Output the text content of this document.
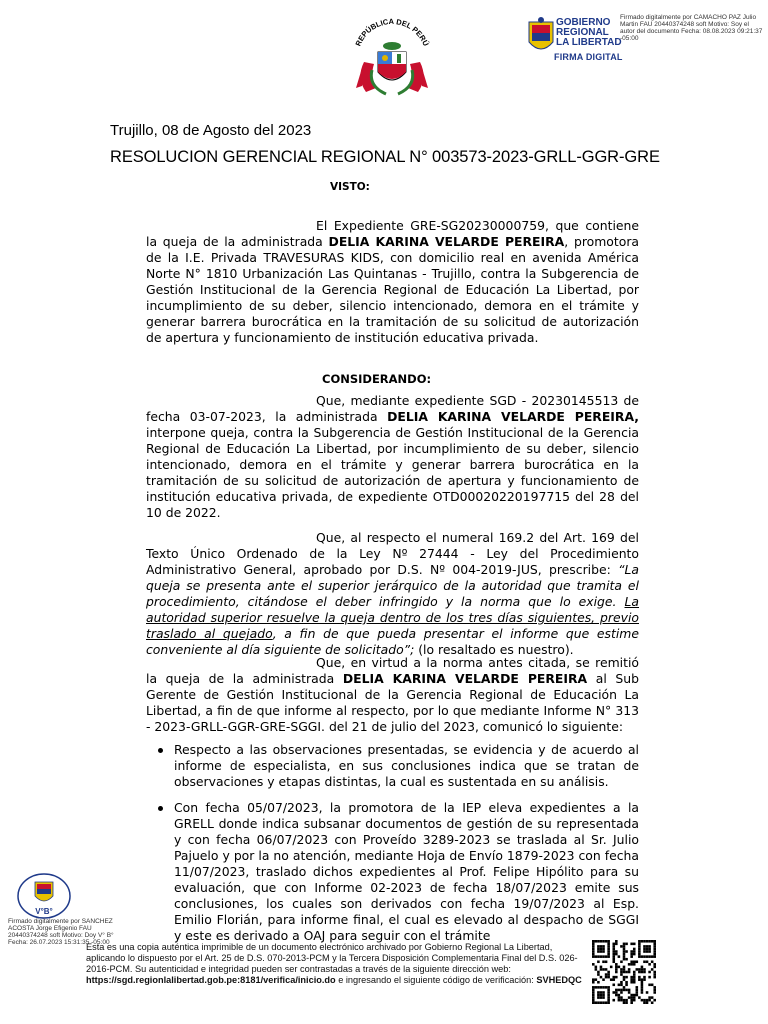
REPÚBLICA DEL PERÚ
GOBIERNO
REGIONAL
LA LIBERTAD
FIRMA DIGITAL
Firmado digitalmente por CAMACHO PAZ Julio Martin FAU 20440374248 soft Motivo: Soy el autor del documento Fecha: 08.08.2023 09:21:37 -05:00
Trujillo, 08 de Agosto del 2023
RESOLUCION GERENCIAL REGIONAL N° 003573-2023-GRLL-GGR-GRE
VISTO:
El Expediente GRE-SG20230000759, que contiene la queja de la administrada DELIA KARINA VELARDE PEREIRA, promotora de la I.E. Privada TRAVESURAS KIDS, con domicilio real en avenida América Norte N° 1810 Urbanización Las Quintanas - Trujillo, contra la Subgerencia de Gestión Institucional de la Gerencia Regional de Educación La Libertad, por incumplimiento de su deber, silencio intencionado, demora en el trámite y generar barrera burocrática en la tramitación de su solicitud de autorización de apertura y funcionamiento de institución educativa privada.
CONSIDERANDO:
Que, mediante expediente SGD - 20230145513 de fecha 03-07-2023, la administrada DELIA KARINA VELARDE PEREIRA, interpone queja, contra la Subgerencia de Gestión Institucional de la Gerencia Regional de Educación La Libertad, por incumplimiento de su deber, silencio intencionado, demora en el trámite y generar barrera burocrática en la tramitación de su solicitud de autorización de apertura y funcionamiento de institución educativa privada, de expediente OTD00020220197715 del 28 del 10 de 2022.
Que, al respecto el numeral 169.2 del Art. 169 del Texto Único Ordenado de la Ley Nº 27444 - Ley del Procedimiento Administrativo General, aprobado por D.S. Nº 004-2019-JUS, prescribe: “La queja se presenta ante el superior jerárquico de la autoridad que tramita el procedimiento, citándose el deber infringido y la norma que lo exige. La autoridad superior resuelve la queja dentro de los tres días siguientes, previo traslado al quejado, a fin de que pueda presentar el informe que estime conveniente al día siguiente de solicitado”; (lo resaltado es nuestro).
Que, en virtud a la norma antes citada, se remitió la queja de la administrada DELIA KARINA VELARDE PEREIRA al Sub Gerente de Gestión Institucional de la Gerencia Regional de Educación La Libertad, a fin de que informe al respecto, por lo que mediante Informe N° 313 - 2023-GRLL-GGR-GRE-SGGI. del 21 de julio del 2023, comunicó lo siguiente:
Respecto a las observaciones presentadas, se evidencia y de acuerdo al informe de especialista, en sus conclusiones indica que se tratan de observaciones y etapas distintas, la cual es sustentada en su análisis.
Con fecha 05/07/2023, la promotora de la IEP eleva expedientes a la GRELL donde indica subsanar documentos de gestión de su representada y con fecha 06/07/2023 con Proveído 3289-2023 se traslada al Sr. Julio Pajuelo y por la no atención, mediante Hoja de Envío 1879-2023 con fecha 11/07/2023, traslado dichos expedientes al Prof. Felipe Hipólito para su evaluación, que con Informe 02-2023 de fecha 18/07/2023 emite sus conclusiones, los cuales son derivados con fecha 19/07/2023 al Esp. Emilio Florián, para informe final, el cual es elevado al despacho de SGGI y este es derivado a OAJ para seguir con el trámite
V°B°
Firmado digitalmente por SANCHEZ ACOSTA Jorge Efigenio FAU 20440374248 soft Motivo: Doy V° B° Fecha: 26.07.2023 15:31:35 -05:00
Esta es una copia auténtica imprimible de un documento electrónico archivado por Gobierno Regional La Libertad, aplicando lo dispuesto por el Art. 25 de D.S. 070-2013-PCM y la Tercera Disposición Complementaria Final del D.S. 026- 2016-PCM. Su autenticidad e integridad pueden ser contrastadas a través de la siguiente dirección web: https://sgd.regionlalibertad.gob.pe:8181/verifica/inicio.do e ingresando el siguiente código de verificación: SVHEDQC
